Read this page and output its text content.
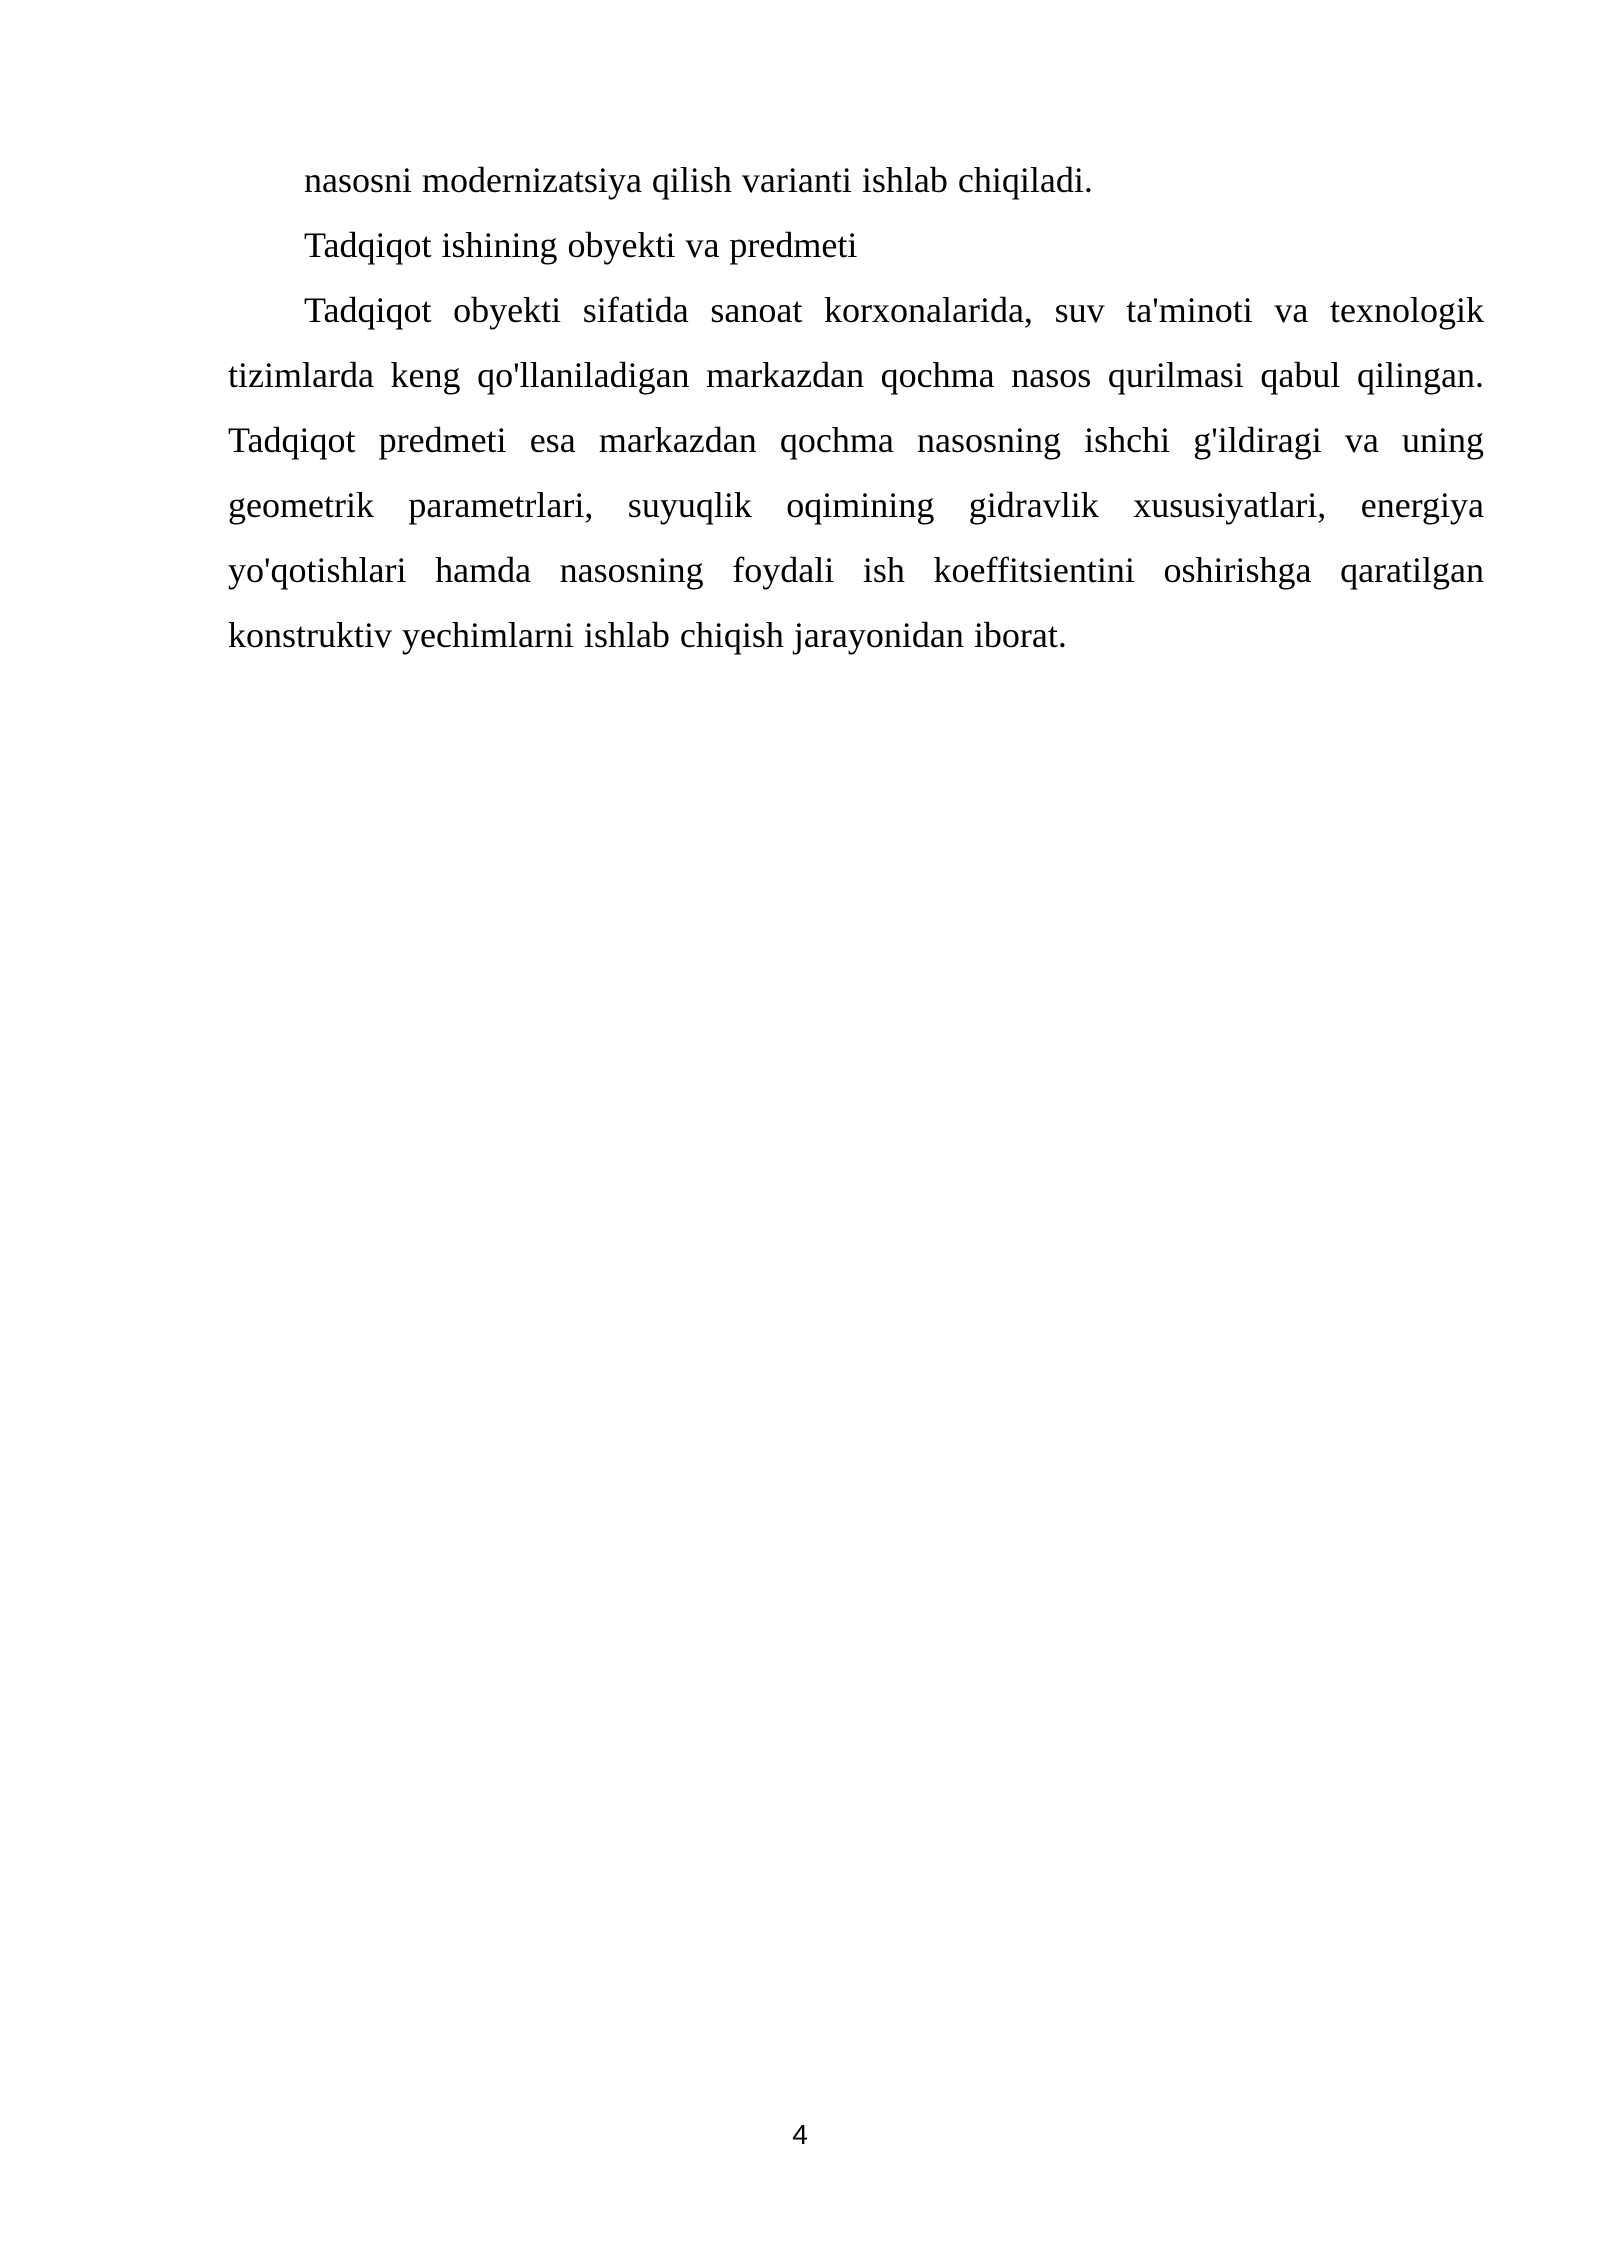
nasosni modernizatsiya qilish varianti ishlab chiqiladi.

Tadqiqot ishining obyekti va predmeti

Tadqiqot obyekti sifatida sanoat korxonalarida, suv ta'minoti va texnologik tizimlarda keng qo'llaniladigan markazdan qochma nasos qurilmasi qabul qilingan. Tadqiqot predmeti esa markazdan qochma nasosning ishchi g'ildiragi va uning geometrik parametrlari, suyuqlik oqimining gidravlik xususiyatlari, energiya yo'qotishlari hamda nasosning foydali ish koeffitsientini oshirishga qaratilgan konstruktiv yechimlarni ishlab chiqish jarayonidan iborat.

4
